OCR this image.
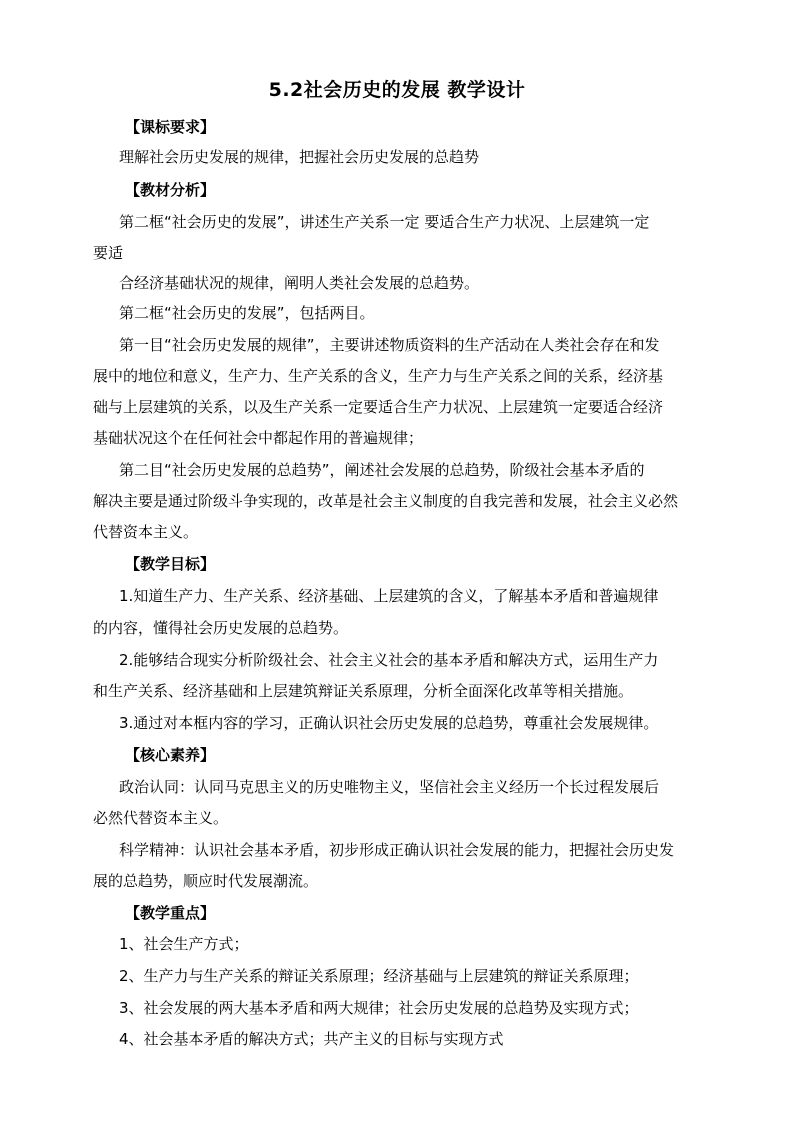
5.2社会历史的发展 教学设计
【课标要求】
理解社会历史发展的规律，把握社会历史发展的总趋势
【教材分析】
第二框“社会历史的发展”，讲述生产关系一定 要适合生产力状况、上层建筑一定
要适
合经济基础状况的规律，阐明人类社会发展的总趋势。
第二框“社会历史的发展”，包括两目。
第一目“社会历史发展的规律”，主要讲述物质资料的生产活动在人类社会存在和发
展中的地位和意义，生产力、生产关系的含义，生产力与生产关系之间的关系，经济基
础与上层建筑的关系，以及生产关系一定要适合生产力状况、上层建筑一定要适合经济
基础状况这个在任何社会中都起作用的普遍规律；
第二目“社会历史发展的总趋势”，阐述社会发展的总趋势，阶级社会基本矛盾的
解决主要是通过阶级斗争实现的，改革是社会主义制度的自我完善和发展，社会主义必然
代替资本主义。
【教学目标】
1.知道生产力、生产关系、经济基础、上层建筑的含义，了解基本矛盾和普遍规律
的内容，懂得社会历史发展的总趋势。
2.能够结合现实分析阶级社会、社会主义社会的基本矛盾和解决方式，运用生产力
和生产关系、经济基础和上层建筑辩证关系原理，分析全面深化改革等相关措施。
3.通过对本框内容的学习，正确认识社会历史发展的总趋势，尊重社会发展规律。
【核心素养】
政治认同：认同马克思主义的历史唯物主义，坚信社会主义经历一个长过程发展后
必然代替资本主义。
科学精神：认识社会基本矛盾，初步形成正确认识社会发展的能力，把握社会历史发
展的总趋势，顺应时代发展潮流。
【教学重点】
1、社会生产方式；
2、生产力与生产关系的辩证关系原理；经济基础与上层建筑的辩证关系原理；
3、社会发展的两大基本矛盾和两大规律；社会历史发展的总趋势及实现方式；
4、社会基本矛盾的解决方式；共产主义的目标与实现方式
